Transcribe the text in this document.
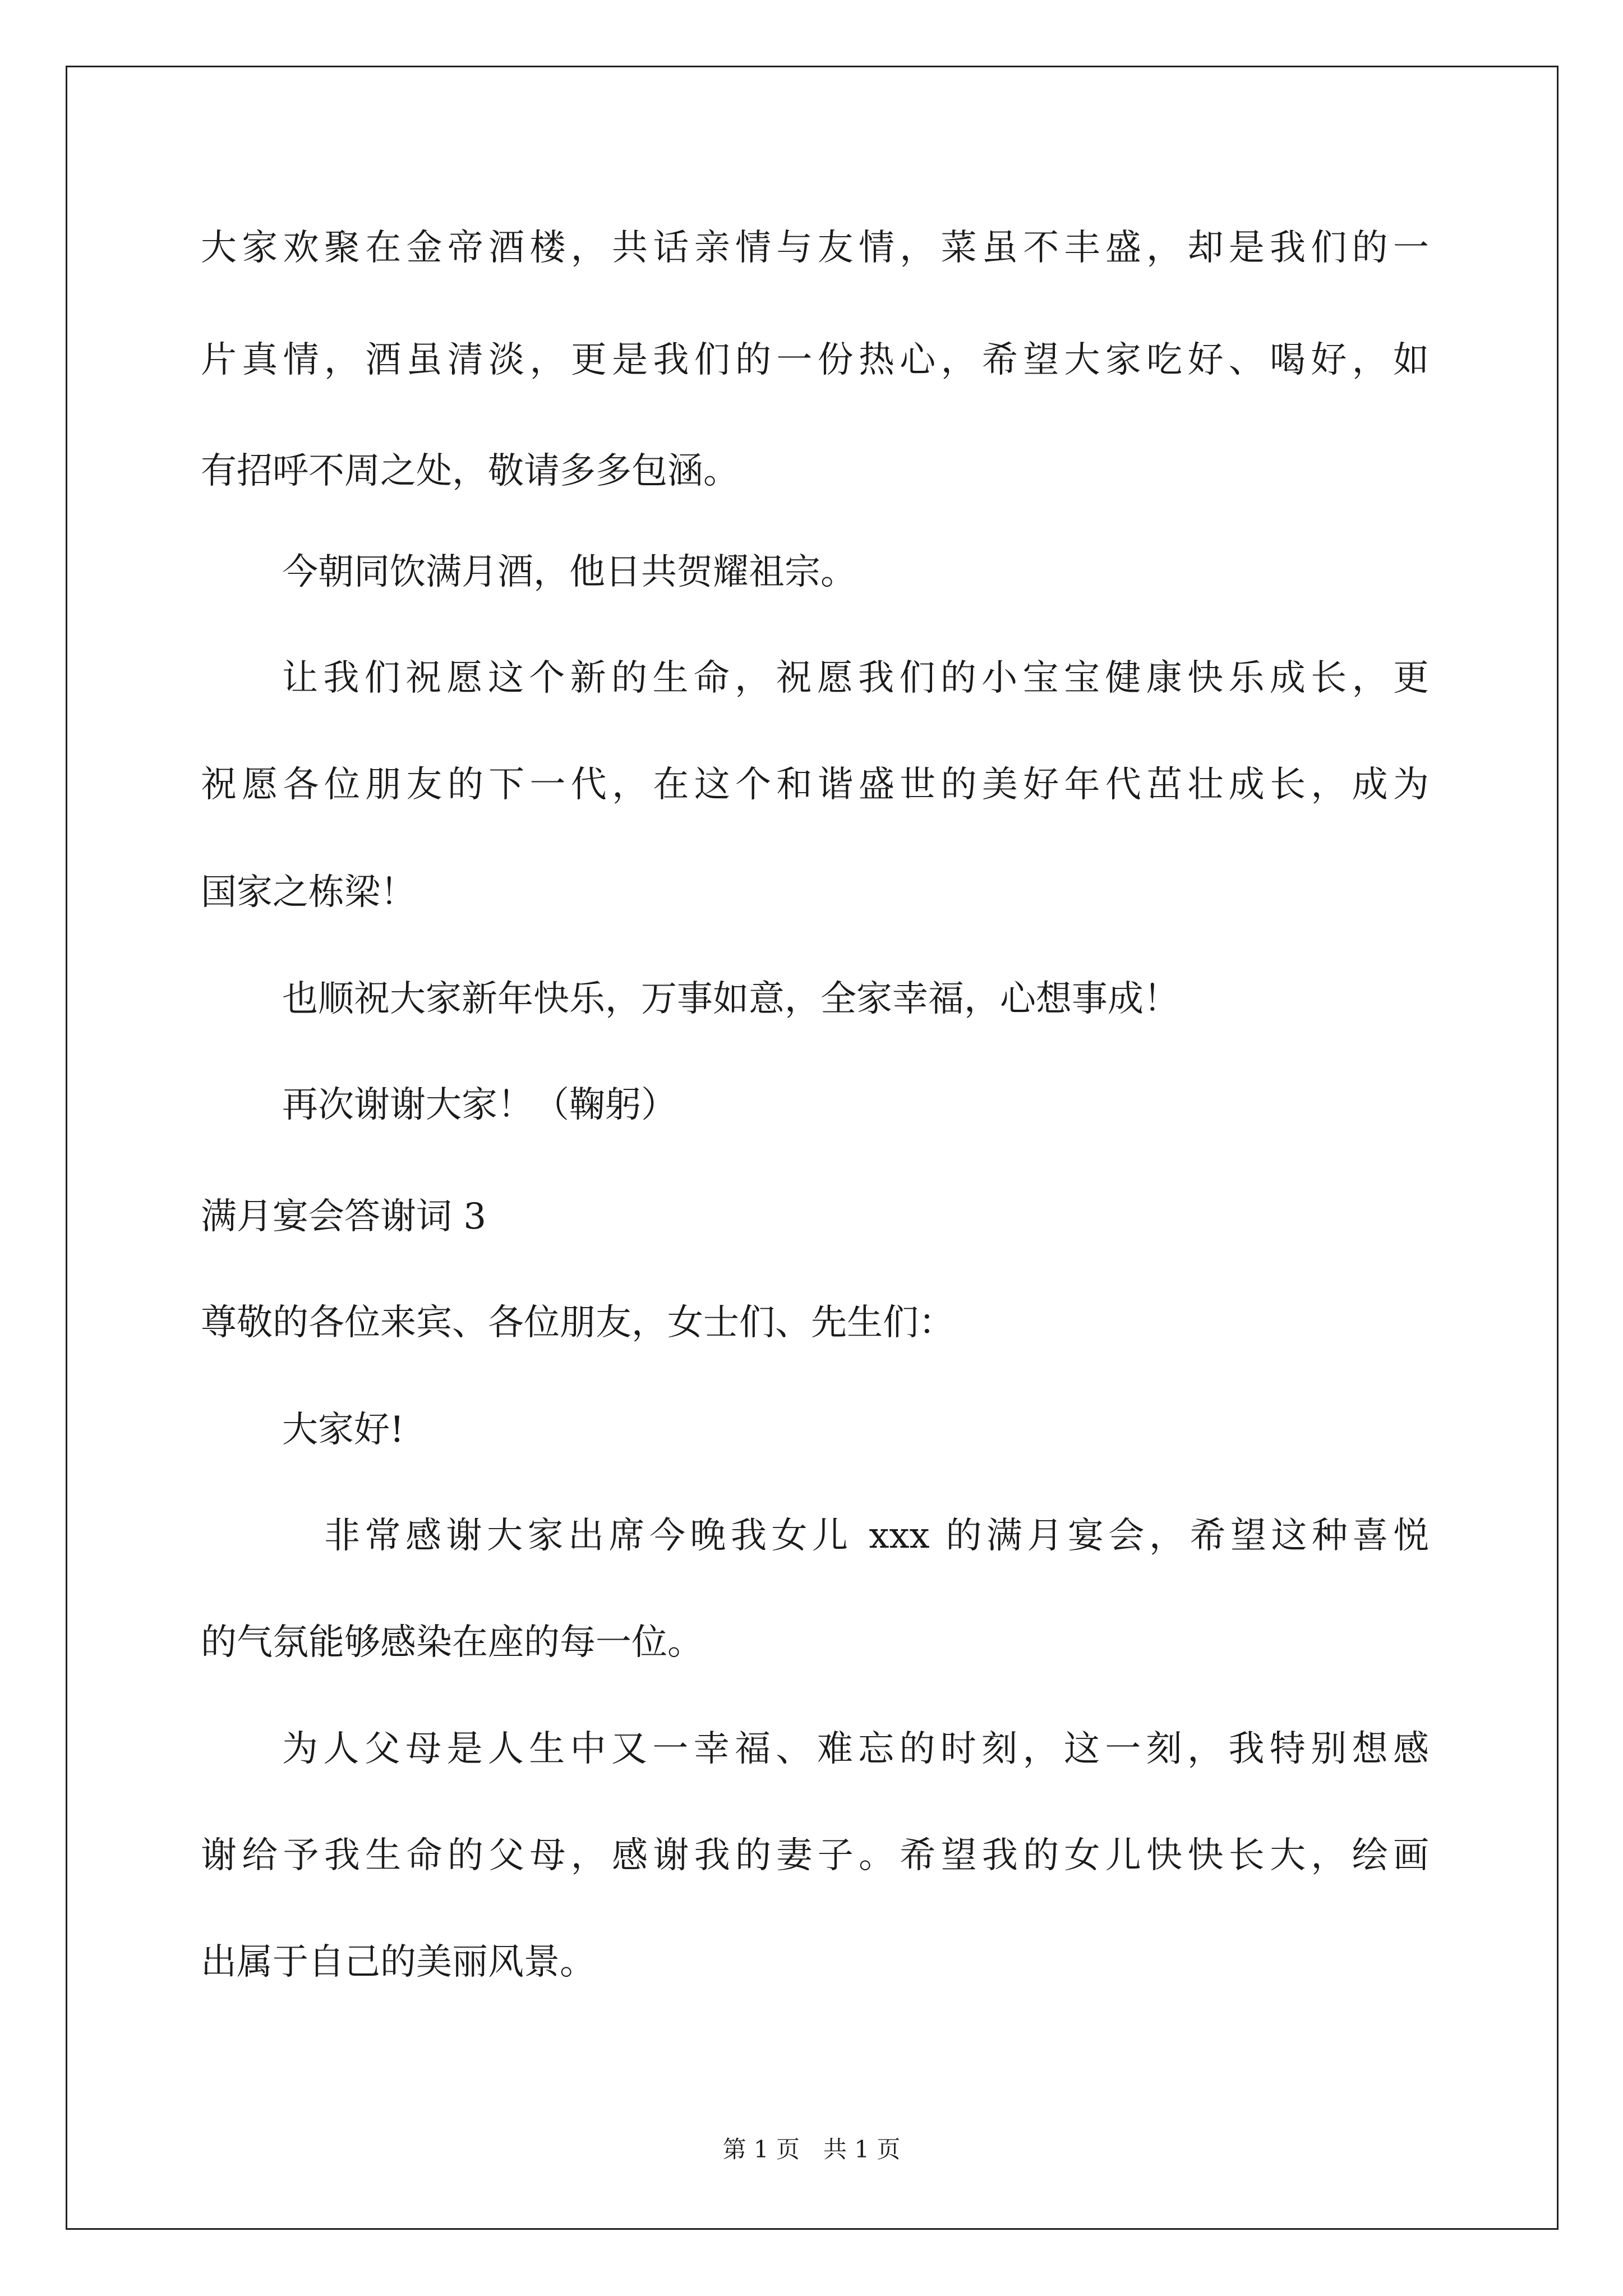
大家欢聚在金帝酒楼，共话亲情与友情，菜虽不丰盛，却是我们的一
片真情，酒虽清淡，更是我们的一份热心，希望大家吃好、喝好，如
有招呼不周之处，敬请多多包涵。
今朝同饮满月酒，他日共贺耀祖宗。
让我们祝愿这个新的生命，祝愿我们的小宝宝健康快乐成长，更
祝愿各位朋友的下一代，在这个和谐盛世的美好年代茁壮成长，成为
国家之栋梁！
也顺祝大家新年快乐，万事如意，全家幸福，心想事成！
再次谢谢大家！（鞠躬）
满月宴会答谢词 3
尊敬的各位来宾、各位朋友，女士们、先生们：
大家好!
非常感谢大家出席今晚我女儿 xxx 的满月宴会，希望这种喜悦
的气氛能够感染在座的每一位。
为人父母是人生中又一幸福、难忘的时刻，这一刻，我特别想感
谢给予我生命的父母，感谢我的妻子。希望我的女儿快快长大，绘画
出属于自己的美丽风景。
第 1 页　共 1 页
